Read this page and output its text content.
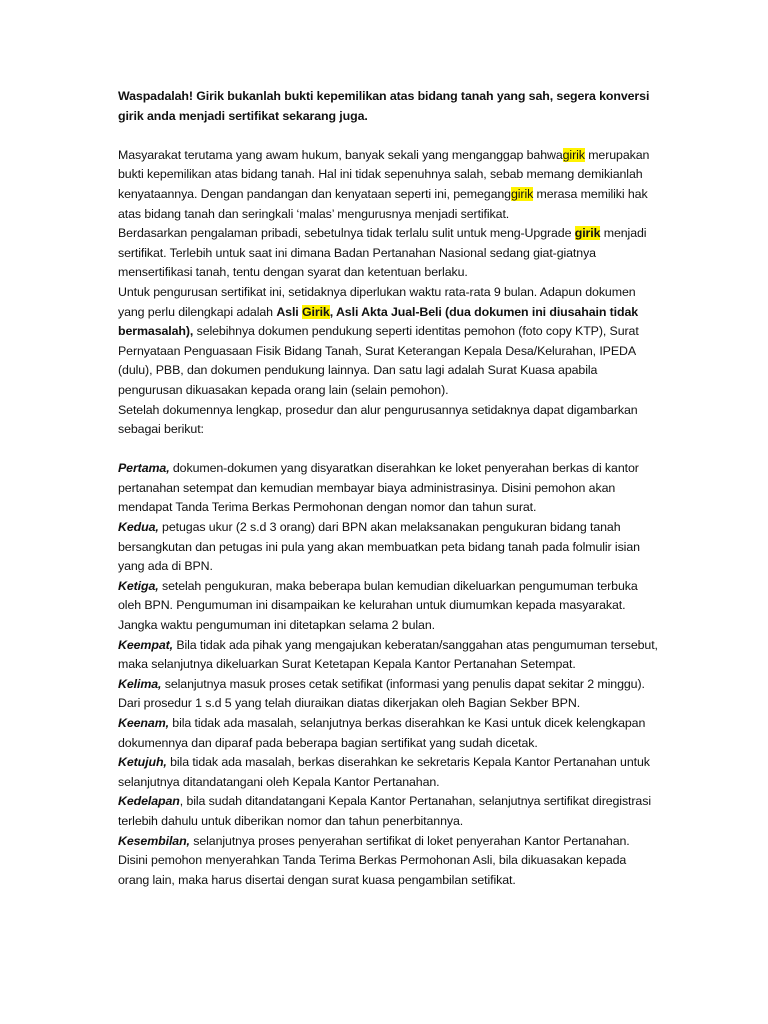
Waspadalah! Girik bukanlah bukti kepemilikan atas bidang tanah yang sah, segera konversi girik anda menjadi sertifikat sekarang juga.

Masyarakat terutama yang awam hukum, banyak sekali yang menganggap bahwagirik merupakan bukti kepemilikan atas bidang tanah. Hal ini tidak sepenuhnya salah, sebab memang demikianlah kenyataannya. Dengan pandangan dan kenyataan seperti ini, pemeganggirik merasa memiliki hak atas bidang tanah dan seringkali ‘malas’ mengurusnya menjadi sertifikat.

Berdasarkan pengalaman pribadi, sebetulnya tidak terlalu sulit untuk meng-Upgrade girik menjadi sertifikat. Terlebih untuk saat ini dimana Badan Pertanahan Nasional sedang giat-giatnya mensertifikasi tanah, tentu dengan syarat dan ketentuan berlaku.

Untuk pengurusan sertifikat ini, setidaknya diperlukan waktu rata-rata 9 bulan. Adapun dokumen yang perlu dilengkapi adalah Asli Girik, Asli Akta Jual-Beli (dua dokumen ini diusahain tidak bermasalah), selebihnya dokumen pendukung seperti identitas pemohon (foto copy KTP), Surat Pernyataan Penguasaan Fisik Bidang Tanah, Surat Keterangan Kepala Desa/Kelurahan, IPEDA (dulu), PBB, dan dokumen pendukung lainnya. Dan satu lagi adalah Surat Kuasa apabila pengurusan dikuasakan kepada orang lain (selain pemohon).

Setelah dokumennya lengkap, prosedur dan alur pengurusannya setidaknya dapat digambarkan sebagai berikut:

Pertama, dokumen-dokumen yang disyaratkan diserahkan ke loket penyerahan berkas di kantor pertanahan setempat dan kemudian membayar biaya administrasinya. Disini pemohon akan mendapat Tanda Terima Berkas Permohonan dengan nomor dan tahun surat.

Kedua, petugas ukur (2 s.d 3 orang) dari BPN akan melaksanakan pengukuran bidang tanah bersangkutan dan petugas ini pula yang akan membuatkan peta bidang tanah pada folmulir isian yang ada di BPN.

Ketiga, setelah pengukuran, maka beberapa bulan kemudian dikeluarkan pengumuman terbuka oleh BPN. Pengumuman ini disampaikan ke kelurahan untuk diumumkan kepada masyarakat. Jangka waktu pengumuman ini ditetapkan selama 2 bulan.

Keempat, Bila tidak ada pihak yang mengajukan keberatan/sanggahan atas pengumuman tersebut, maka selanjutnya dikeluarkan Surat Ketetapan Kepala Kantor Pertanahan Setempat.

Kelima, selanjutnya masuk proses cetak setifikat (informasi yang penulis dapat sekitar 2 minggu). Dari prosedur 1 s.d 5 yang telah diuraikan diatas dikerjakan oleh Bagian Sekber BPN.

Keenam, bila tidak ada masalah, selanjutnya berkas diserahkan ke Kasi untuk dicek kelengkapan dokumennya dan diparaf pada beberapa bagian sertifikat yang sudah dicetak.

Ketujuh, bila tidak ada masalah, berkas diserahkan ke sekretaris Kepala Kantor Pertanahan untuk selanjutnya ditandatangani oleh Kepala Kantor Pertanahan.

Kedelapan, bila sudah ditandatangani Kepala Kantor Pertanahan, selanjutnya sertifikat diregistrasi terlebih dahulu untuk diberikan nomor dan tahun penerbitannya.

Kesembilan, selanjutnya proses penyerahan sertifikat di loket penyerahan Kantor Pertanahan. Disini pemohon menyerahkan Tanda Terima Berkas Permohonan Asli, bila dikuasakan kepada orang lain, maka harus disertai dengan surat kuasa pengambilan setifikat.
